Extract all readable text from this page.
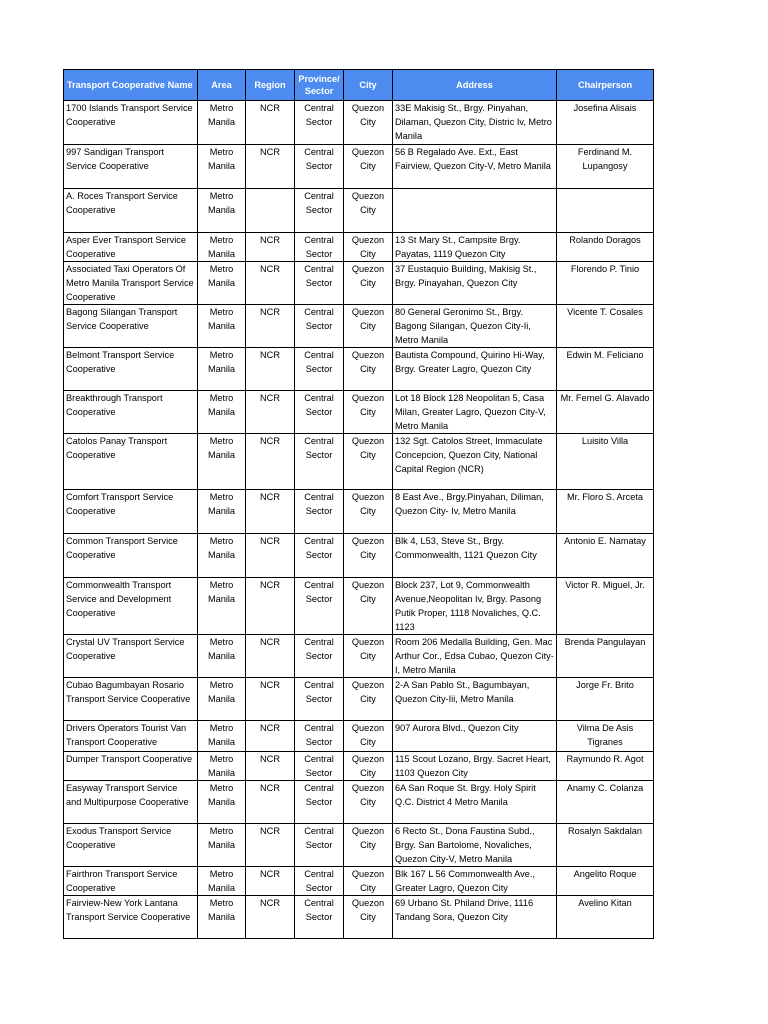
Transport Cooperative Name	Area	Region	Province/ Sector	City	Address	Chairperson
1700 Islands Transport Service Cooperative	Metro Manila	NCR	Central Sector	Quezon City	33E Makisig St., Brgy. Pinyahan, Dilaman, Quezon City, Distric Iv, Metro Manila	Josefina Alisais
997 Sandigan Transport Service Cooperative	Metro Manila	NCR	Central Sector	Quezon City	56 B Regalado Ave. Ext., East Fairview, Quezon City-V, Metro Manila	Ferdinand M. Lupangosy
A. Roces Transport Service Cooperative	Metro Manila		Central Sector	Quezon City		
Asper Ever Transport Service Cooperative	Metro Manila	NCR	Central Sector	Quezon City	13 St Mary St., Campsite Brgy. Payatas, 1119 Quezon City	Rolando Doragos
Associated Taxi Operators Of Metro Manila Transport Service Cooperative	Metro Manila	NCR	Central Sector	Quezon City	37 Eustaquio Building, Makisig St., Brgy. Pinayahan, Quezon City	Florendo P. Tinio
Bagong Silangan Transport Service Cooperative	Metro Manila	NCR	Central Sector	Quezon City	80 General Geronimo St., Brgy. Bagong Silangan, Quezon City-Ii, Metro Manila	Vicente T. Cosales
Belmont Transport Service Cooperative	Metro Manila	NCR	Central Sector	Quezon City	Bautista Compound, Quirino Hi-Way, Brgy. Greater Lagro, Quezon City	Edwin M. Feliciano
Breakthrough Transport Cooperative	Metro Manila	NCR	Central Sector	Quezon City	Lot 18 Block 128 Neopolitan 5, Casa Milan, Greater Lagro, Quezon City-V, Metro Manila	Mr. Fernel G. Alavado
Catolos Panay Transport Cooperative	Metro Manila	NCR	Central Sector	Quezon City	132 Sgt. Catolos Street, Immaculate Concepcion, Quezon City, National Capital Region (NCR)	Luisito Villa
Comfort Transport Service Cooperative	Metro Manila	NCR	Central Sector	Quezon City	8 East Ave., Brgy.Pinyahan, Diliman, Quezon City- Iv, Metro Manila	Mr. Floro S. Arceta
Common Transport Service Cooperative	Metro Manila	NCR	Central Sector	Quezon City	Blk 4, L53, Steve St., Brgy. Commonwealth, 1121 Quezon City	Antonio E. Namatay
Commonwealth Transport Service and Development Cooperative	Metro Manila	NCR	Central Sector	Quezon City	Block 237, Lot 9, Commonwealth Avenue,Neopolitan Iv, Brgy. Pasong Putik Proper, 1118 Novaliches, Q.C. 1123	Victor R. Miguel, Jr.
Crystal UV Transport Service Cooperative	Metro Manila	NCR	Central Sector	Quezon City	Room 206 Medalla Building, Gen. Mac Arthur Cor., Edsa Cubao, Quezon City-I, Metro Manila	Brenda Pangulayan
Cubao Bagumbayan Rosario Transport Service Cooperative	Metro Manila	NCR	Central Sector	Quezon City	2-A San Pablo St., Bagumbayan, Quezon City-Iii, Metro Manila	Jorge Fr. Brito
Drivers Operators Tourist Van Transport Cooperative	Metro Manila	NCR	Central Sector	Quezon City	907 Aurora Blvd., Quezon City	Vilma De Asis Tigranes
Dumper Transport Cooperative	Metro Manila	NCR	Central Sector	Quezon City	115 Scout Lozano, Brgy. Sacret Heart, 1103 Quezon City	Raymundo R. Agot
Easyway Transport Service and Multipurpose Cooperative	Metro Manila	NCR	Central Sector	Quezon City	6A San Roque St. Brgy. Holy Spirit Q.C. District 4 Metro Manila	Anamy C. Colanza
Exodus Transport Service Cooperative	Metro Manila	NCR	Central Sector	Quezon City	6 Recto St., Dona Faustina Subd., Brgy. San Bartolome, Novaliches, Quezon City-V, Metro Manila	Rosalyn Sakdalan
Fairthron Transport Service Cooperative	Metro Manila	NCR	Central Sector	Quezon City	Blk 167 L 56 Commonwealth Ave., Greater Lagro, Quezon City	Angelito Roque
Fairview-New York Lantana Transport Service Cooperative	Metro Manila	NCR	Central Sector	Quezon City	69 Urbano St. Philand Drive, 1116 Tandang Sora, Quezon City	Avelino Kitan
